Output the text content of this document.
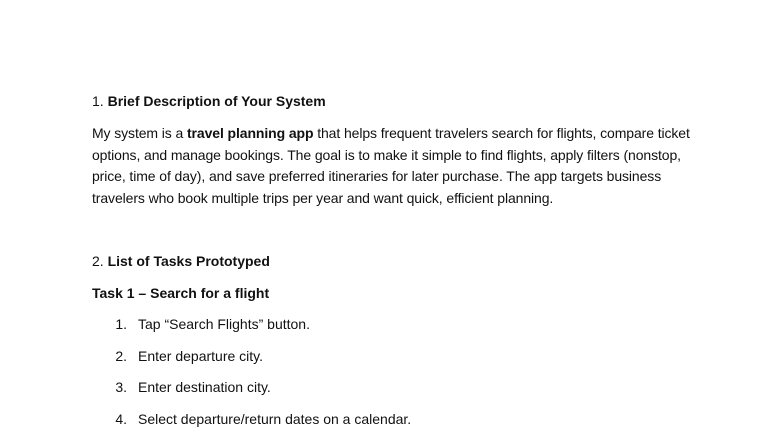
1. Brief Description of Your System

My system is a travel planning app that helps frequent travelers search for flights, compare ticket options, and manage bookings. The goal is to make it simple to find flights, apply filters (nonstop, price, time of day), and save preferred itineraries for later purchase. The app targets business travelers who book multiple trips per year and want quick, efficient planning.

2. List of Tasks Prototyped

Task 1 – Search for a flight

1. Tap “Search Flights” button.
2. Enter departure city.
3. Enter destination city.
4. Select departure/return dates on a calendar.
